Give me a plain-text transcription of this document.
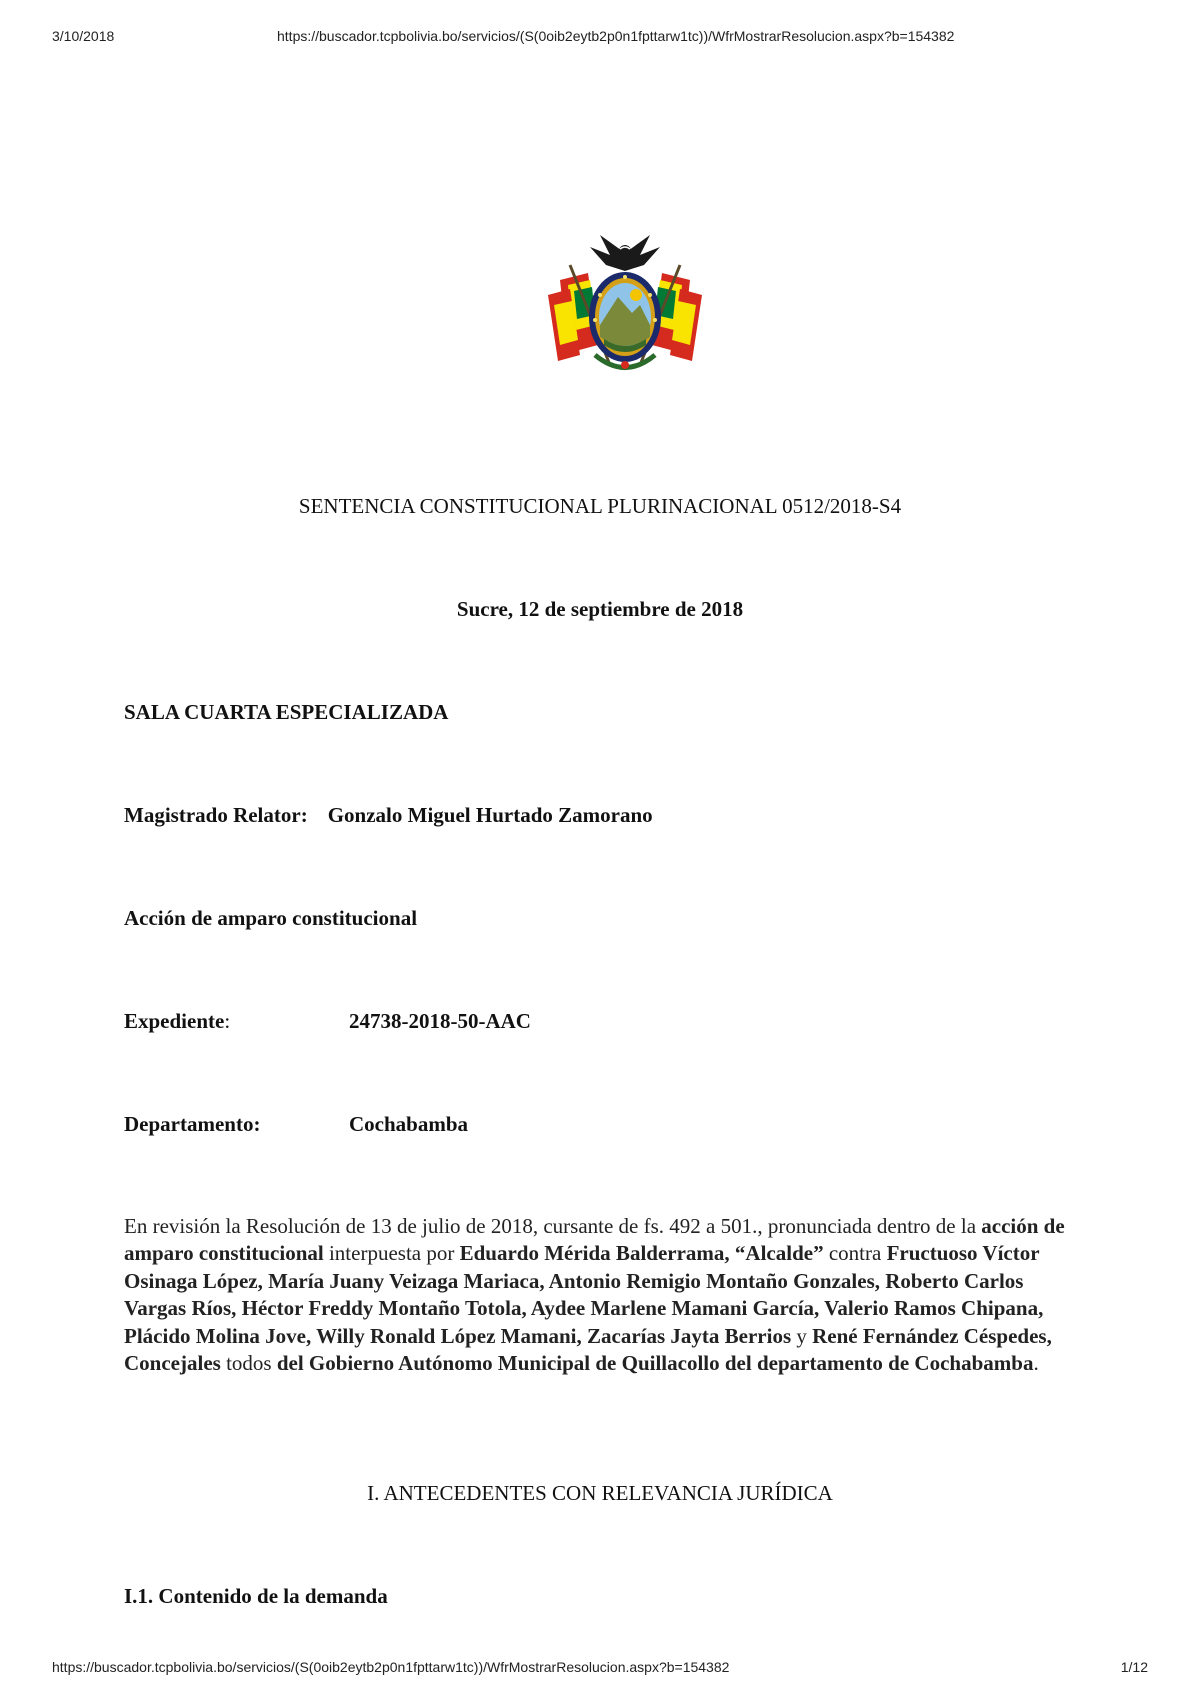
3/10/2018	https://buscador.tcpbolivia.bo/servicios/(S(0oib2eytb2p0n1fpttarw1tc))/WfrMostrarResolucion.aspx?b=154382
SENTENCIA CONSTITUCIONAL PLURINACIONAL 0512/2018-S4
Sucre, 12 de septiembre de 2018
SALA CUARTA ESPECIALIZADA
Magistrado Relator: Gonzalo Miguel Hurtado Zamorano
Acción de amparo constitucional
Expediente:	24738-2018-50-AAC
Departamento:	Cochabamba
En revisión la Resolución de 13 de julio de 2018, cursante de fs. 492 a 501., pronunciada dentro de la acción de amparo constitucional interpuesta por Eduardo Mérida Balderrama, “Alcalde” contra Fructuoso Víctor Osinaga López, María Juany Veizaga Mariaca, Antonio Remigio Montaño Gonzales, Roberto Carlos Vargas Ríos, Héctor Freddy Montaño Totola, Aydee Marlene Mamani García, Valerio Ramos Chipana, Plácido Molina Jove, Willy Ronald López Mamani, Zacarías Jayta Berrios y René Fernández Céspedes, Concejales todos del Gobierno Autónomo Municipal de Quillacollo del departamento de Cochabamba.
I. ANTECEDENTES CON RELEVANCIA JURÍDICA
I.1. Contenido de la demanda
https://buscador.tcpbolivia.bo/servicios/(S(0oib2eytb2p0n1fpttarw1tc))/WfrMostrarResolucion.aspx?b=154382	1/12
